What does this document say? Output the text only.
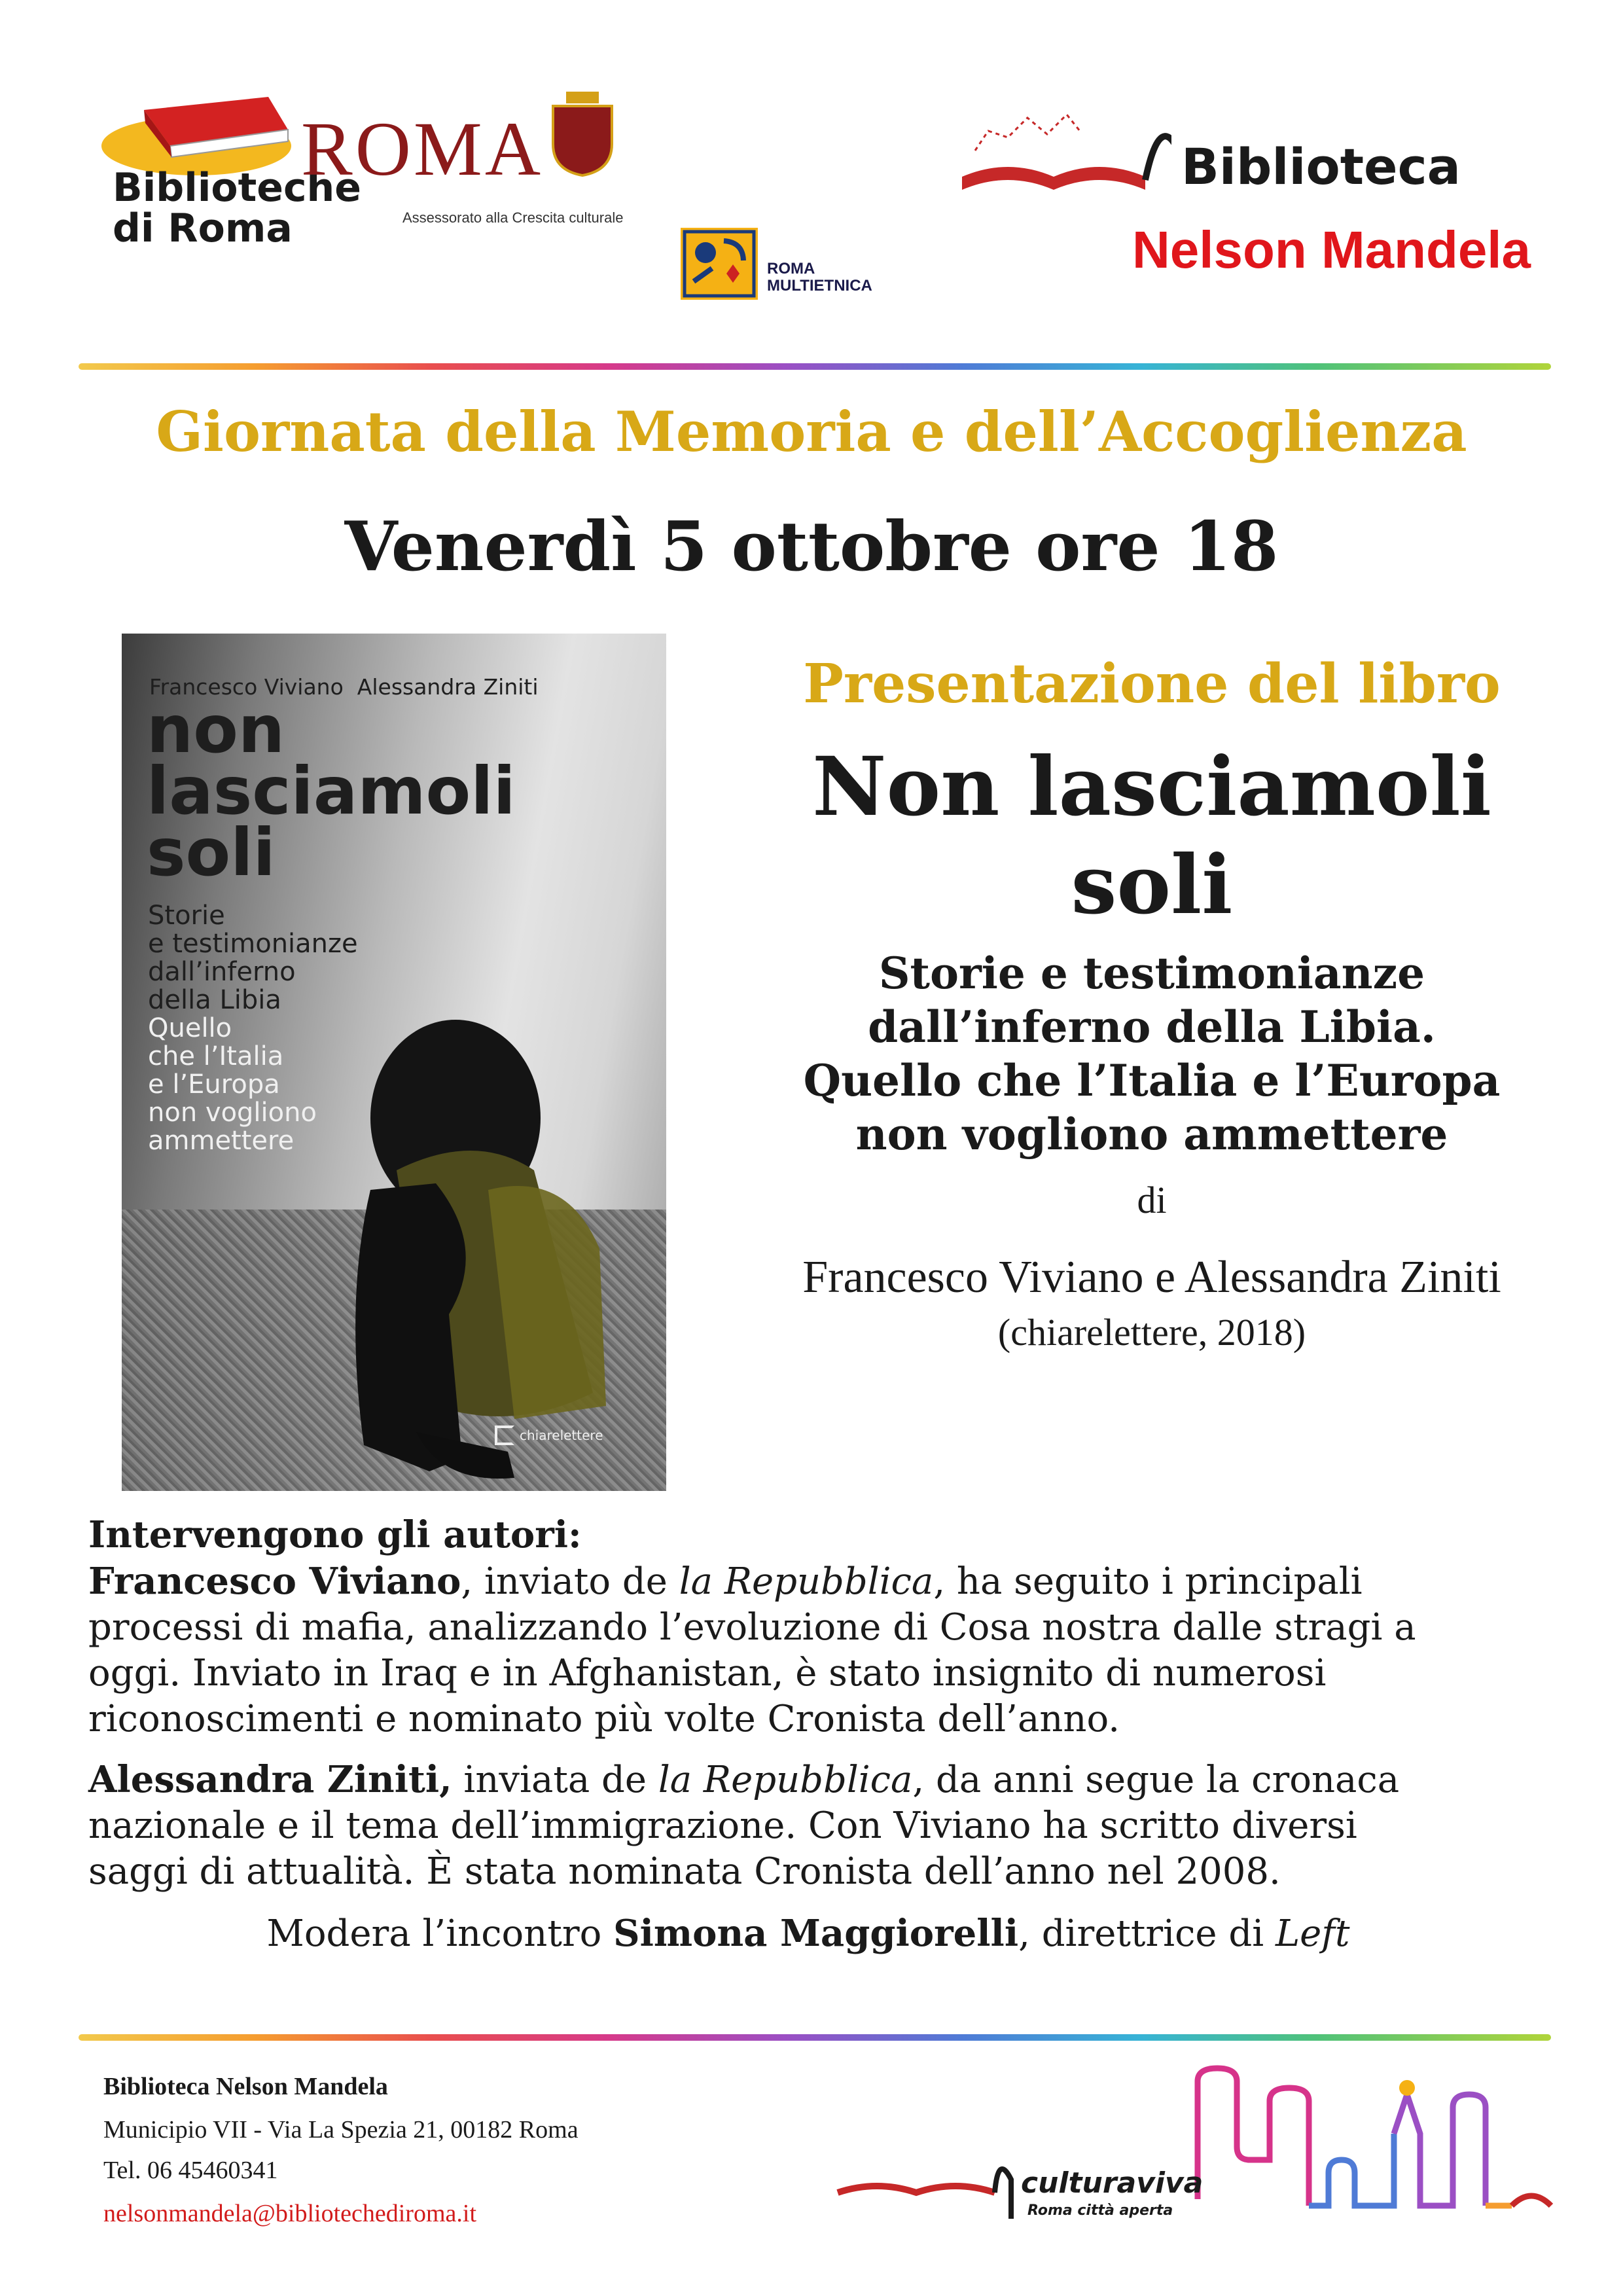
Biblioteche
di Roma
ROMA
Assessorato alla Crescita culturale
ROMA
MULTIETNICA
Biblioteca
Nelson Mandela
Giornata della Memoria e dell’Accoglienza
Venerdì 5 ottobre ore 18
Francesco Viviano  Alessandra Ziniti
non
lasciamoli
soli
Storie
e testimonianze
dall’inferno
della Libia
Quello
che l’Italia
e l’Europa
non vogliono
ammettere
chiarelettere
Presentazione del libro
Non lasciamoli
soli
Storie e testimonianze
dall’inferno della Libia.
Quello che l’Italia e l’Europa
non vogliono ammettere
di
Francesco Viviano e Alessandra Ziniti
(chiarelettere, 2018)
Intervengono gli autori:
Francesco Viviano, inviato de la Repubblica, ha seguito i principali
processi di mafia, analizzando l’evoluzione di Cosa nostra dalle stragi a
oggi. Inviato in Iraq e in Afghanistan, è stato insignito di numerosi
riconoscimenti e nominato più volte Cronista dell’anno.
Alessandra Ziniti, inviata de la Repubblica, da anni segue la cronaca
nazionale e il tema dell’immigrazione. Con Viviano ha scritto diversi
saggi di attualità. È stata nominata Cronista dell’anno nel 2008.
Modera l’incontro Simona Maggiorelli, direttrice di Left
Biblioteca Nelson Mandela
Municipio VII - Via La Spezia 21, 00182 Roma
Tel. 06 45460341
nelsonmandela@bibliotechediroma.it
culturaviva
Roma città aperta
